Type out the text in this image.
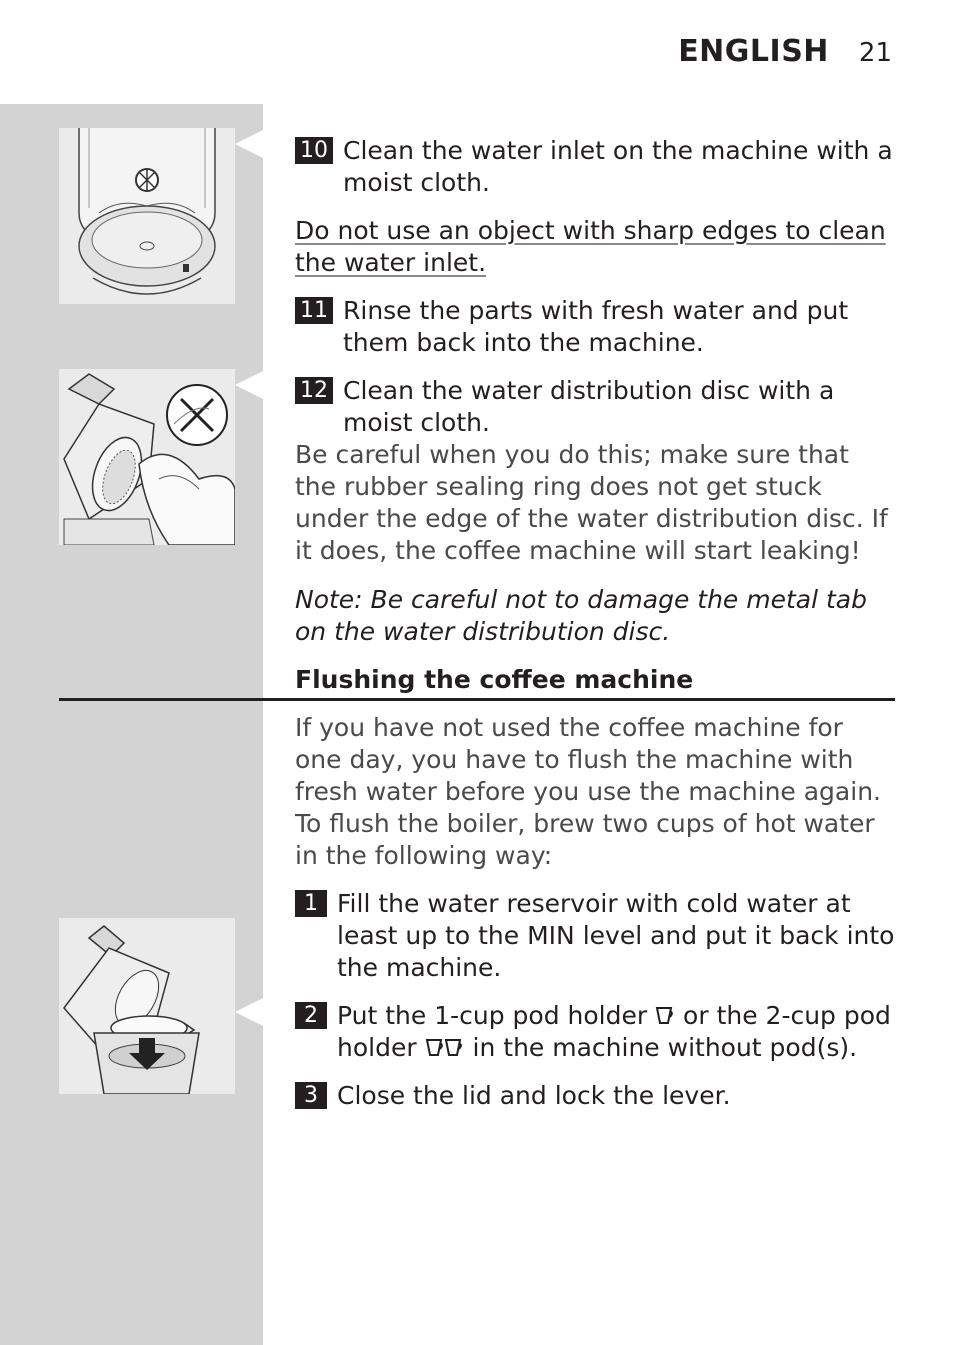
ENGLISH 21
10 Clean the water inlet on the machine with a moist cloth.
Do not use an object with sharp edges to clean the water inlet.
11 Rinse the parts with fresh water and put them back into the machine.
12 Clean the water distribution disc with a moist cloth.
Be careful when you do this; make sure that the rubber sealing ring does not get stuck under the edge of the water distribution disc. If it does, the coffee machine will start leaking!
Note: Be careful not to damage the metal tab on the water distribution disc.
Flushing the coffee machine
If you have not used the coffee machine for one day, you have to flush the machine with fresh water before you use the machine again.
To flush the boiler, brew two cups of hot water in the following way:
1 Fill the water reservoir with cold water at least up to the MIN level and put it back into the machine.
2 Put the 1-cup pod holder or the 2-cup pod holder in the machine without pod(s).
3 Close the lid and lock the lever.
